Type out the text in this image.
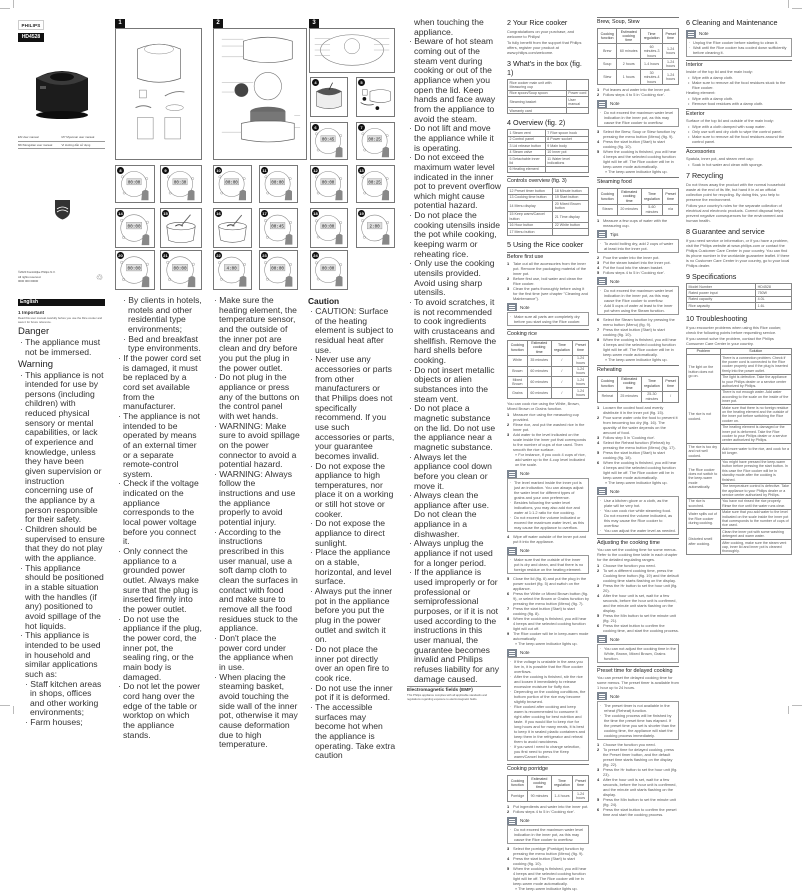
PHILIPS
HD4528
EN User manual	MY Myanmar user manual
MN Mongolian user manual	VI Hướng dẫn sử dụng
©2020 Koninklijke Philips N.V.
All rights reserved.
0000 000 00000	♲
1	2	3
4	5
00:45
6
00:25
7
00:00
8
00:30
9
00:00
10
00:00
11
00:00
12
00:25
13
00:00
14	15	16
00:45
17
00:00
18
2:00
19
00:00
20
00:00
21
4:00
22
00:00
23
00:00
24
English
1 Important
Read this user manual carefully before you use the Rice cooker and save it for future reference.
Danger
· The appliance must not be immersed.
Warning
· This appliance is not intended for use by persons (including children) with reduced physical sensory or mental capabilities, or lack of experience and knowledge, unless they have been given supervision or instruction concerning use of the appliance by a person responsible for their safety.
· Children should be supervised to ensure that they do not play with the appliance.
· This appliance should be positioned in a stable situation with the handles (if any) positioned to avoid spillage of the hot liquids.
· This appliance is intended to be used in household and similar applications such as:
· Staff kitchen areas in shops, offices and other working environments;
· Farm houses;
· By clients in hotels, motels and other residential type environments;
· Bed and breakfast type environments.
· If the power cord set is damaged, it must be replaced by a cord set available from the manufacturer.
· The appliance is not intended to be operated by means of an external timer or a separate remote-control system.
· Check if the voltage indicated on the appliance corresponds to the local power voltage before you connect it.
· Only connect the appliance to a grounded power outlet. Always make sure that the plug is inserted firmly into the power outlet.
· Do not use the appliance if the plug, the power cord, the inner pot, the sealing ring, or the main body is damaged.
· Do not let the power cord hang over the edge of the table or worktop on which the appliance stands.
· Make sure the heating element, the temperature sensor, and the outside of the inner pot are clean and dry before you put the plug in the power outlet.
· Do not plug in the appliance or press any of the buttons on the control panel with wet hands.
· WARNING: Make sure to avoid spillage on the power connector to avoid a potential hazard.
· WARNING: Always follow the instructions and use the appliance properly to avoid potential injury.
· According to the instructions prescribed in this user manual, use a soft damp cloth to clean the surfaces in contact with food and make sure to remove all the food residues stuck to the appliance.
· Don't place the power cord under the appliance when in use.
· When placing the steaming basket, avoid touching the side wall of the inner pot, otherwise it may cause deformation due to high temperature.
Caution
· CAUTION: Surface of the heating element is subject to residual heat after use.
· Never use any accessories or parts from other manufacturers or that Philips does not specifically recommend. If you use such accessories or parts, your guarantee becomes invalid.
· Do not expose the appliance to high temperatures, nor place it on a working or still hot stove or cooker.
· Do not expose the appliance to direct sunlight.
· Place the appliance on a stable, horizontal, and level surface.
· Always put the inner pot in the appliance before you put the plug in the power outlet and switch it on.
· Do not place the inner pot directly over an open fire to cook rice.
· Do not use the inner pot if it is deformed.
· The accessible surfaces may become hot when the appliance is operating. Take extra caution
when touching the appliance.
· Beware of hot steam coming out of the steam vent during cooking or out of the appliance when you open the lid. Keep hands and face away from the appliance to avoid the steam.
· Do not lift and move the appliance while it is operating.
· Do not exceed the maximum water level indicated in the inner pot to prevent overflow which might cause potential hazard.
· Do not place the cooking utensils inside the pot while cooking, keeping warm or reheating rice.
· Only use the cooking utensils provided. Avoid using sharp utensils.
· To avoid scratches, it is not recommended to cook ingredients with crustaceans and shellfish. Remove the hard shells before cooking.
· Do not insert metallic objects or alien substances into the steam vent.
· Do not place a magnetic substance on the lid. Do not use the appliance near a magnetic substance.
· Always let the appliance cool down before you clean or move it.
· Always clean the appliance after use. Do not clean the appliance in a dishwasher.
· Always unplug the appliance if not used for a longer period.
· If the appliance is used improperly or for professional or semiprofessional purposes, or if it is not used according to the instructions in this user manual, the guarantee becomes invalid and Philips refuses liability for any damage caused.
Electromagnetic fields (EMF)
This Philips appliance complies with all applicable standards and regulations regarding exposure to electromagnetic fields.
2 Your Rice cooker
Congratulations on your purchase, and welcome to Philips!
To fully benefit from the support that Philips offers, register your product at www.philips.com/welcome.
3 What's in the box (fig. 1)
Rice cooker main unit with Measuring cup	
Rice spoon/Soup spoon	Power cord
Steaming basket	User manual
Warranty card	
4 Overview (fig. 2)
1 Steam vent	7 Rice spoon hook
2 Control panel	8 Power socket
3 Lid release button	9 Main body
4 Steam valve	10 Inner pot
5 Detachable inner lid	11 Water level indications
6 Heating element	
Controls overview (fig. 3)
12 Preset timer button	18 Minute button
13 Cooking time button	19 Start button
14 Menu display	20 Mixed Brown button
15 Keep warm/Cancel button	21 Time display
16 Hour button	22 White button
17 Menu button	
5 Using the Rice cooker
Before first use
1 Take out all the accessories from the inner pot. Remove the packaging material of the inner pot.
2 Before first use, boil water and clean the Rice cooker.
3 Clean the parts thoroughly before using it for the first time (see chapter "Cleaning and Maintenance").
Note
· Make sure all parts are completely dry before you start using the Rice cooker.
Cooking rice
Cooking function	Estimated cooking time	Time regulation	Preset time
White	35 minutes	/	1-24 hours
Brown	60 minutes	/	1-24 hours
Mixed Brown	60 minutes	/	1-24 hours
Grains	60 minutes	/	1-24 hours
You can cook rice using the White, Brown, Mixed Brown or Grains function.
1 Measure rice using the measuring cup provided.
2 Rinse rice, and put the washed rice in the inner pot.
3 Add water to the level indicated on the scale inside the inner pot that corresponds to the number of cups of rice used. Then smooth the rice surface.
» For instance, if you cook 4 cups of rice, add water up to the 4-cup level indicated on the scale.
Note
· The level marked inside the inner pot is just an indication. You can always adjust the water level for different types of grains and your own preference.
· Besides following the water level indications, you may also add rice and water at 1:1.2 ratio for rice cooking.
· Do not exceed the volume indicated or exceed the maximum water level, as this may cause the appliance to overflow.
4 Wipe off water outside of the inner pot and put it into the appliance.
Note
· Make sure that the outside of the inner pot is dry and clean, and that there is no foreign residue on the heating element.
5 Close the lid (fig. 6) and put the plug in the power socket (fig. 5) and switch on the appliance.
6 Press the White or Mixed Brown button (fig. 9), or select the Brown or Grains function by pressing the menu button (Menu) (fig. 7).
7 Press the start button (Start) to start cooking (fig. 8).
8 When the cooking is finished, you will hear 4 beeps and the selected cooking function light will cut off.
9 The Rice cooker will be in keep-warm mode automatically.
» The keep-warm indicator lights up.
Note
· If the voltage is unstable in the area you live in, it is possible that the Rice cooker overflows.
· After the cooking is finished, stir the rice and loosen it immediately to release excessive moisture for fluffy rice.
· Depending on the cooking conditions, the bottom portion of the rice may become slightly browned.
· Rice cooked after cooking and keep warm is recommended to consume it right after cooking for best nutrition and taste. If you would like to keep rice for long hours and for many meals, it is best to keep it in sealed plastic containers and keep them in the refrigerator and reheat them to avoid rancidness.
· If you want / need to change selection, you first need to press the Keep warm/Cancel button.
Cooking porridge
Cooking function	Estimated cooking time	Time regulation	Preset time
Porridge	90 minutes	1-4 hours	1-24 hours
1 Put ingredients and water into the inner pot.
2 Follow steps 4 to 5 in 'Cooking rice'.
Note
· Do not exceed the maximum water level indication in the inner pot, as this may cause the Rice cooker to overflow.
3 Select the porridge (Porridge) function by pressing the menu button (Menu) (fig. 9).
4 Press the start button (Start) to start cooking (fig. 10).
5 When the cooking is finished, you will hear 4 beeps and the selected cooking function light will be off. The Rice cooker will be in keep-warm mode automatically.
» The keep-warm indicator lights up.
Brew, Soup, Stew
Cooking function	Estimated cooking time	Time regulation	Preset time
Brew	60 minutes	60 minutes-3 hours	1-24 hours
Soup	2 hours	1-4 hours	1-24 hours
Stew	1 hours	30 minutes-4 hours	1-24 hours
1 Put leaves and water into the inner pot.
2 Follow steps 4 to 5 in 'Cooking rice'.
Note
· Do not exceed the maximum water level indication in the inner pot, as this may cause the Rice cooker to overflow.
3 Select the Brew, Soup or Stew function by pressing the menu button (Menu) (fig. 9).
4 Press the start button (Start) to start cooking (fig. 10).
5 When the cooking is finished, you will hear 4 beeps and the selected cooking function light will be off. The Rice cooker will be in keep-warm mode automatically.
» The keep-warm indicator lights up.
Steaming food
Cooking function	Estimated cooking time	Time regulation	Preset time
Steam	20 minutes	5-60 minutes	n/a
1 Measure a few cups of water with the measuring cup.
Tips
· To avoid boiling dry, add 2 cups of water at least into the inner pot.
2 Pour the water into the inner pot.
3 Put the steam basket into the inner pot.
4 Put the food into the steam basket.
5 Follow steps 4 to 5 in 'Cooking rice'.
Note
· Do not exceed the maximum water level indication in the inner pot, as this may cause the Rice cooker to overflow.
· Add 5 cups of water at least to the inner pot when using the Steam function.
6 Select the Steam function by pressing the menu button (Menu) (fig. 9).
7 Press the start button (Start) to start cooking (fig. 10).
8 When the cooking is finished, you will hear 4 beeps and the selected cooking function light will be off. The Rice cooker will be in keep-warm mode automatically.
» The keep-warm indicator lights up.
Reheating
Cooking function	Estimated cooking time	Time regulation	Preset time
Reheat	25 minutes	25-30 minutes	/
1 Loosen the cooled food and evenly distribute it in the inner pot (fig. 15).
2 Pour some water onto the food to prevent it from becoming too dry (fig. 16). The quantity of the water depends on the amount of food.
3 Follow step 5 in 'Cooking rice'.
4 Select the Reheat function (Reheat) by pressing the menu button (Menu) (fig. 17).
5 Press the start button (Start) to start cooking (fig. 18).
6 When the cooking is finished, you will hear 4 beeps and the selected cooking function light will be off. The Rice cooker will be in keep-warm mode automatically.
» The keep-warm indicator lights up.
Note
· Use a kitchen glove or a cloth, as the plate will be very hot.
· You can cook rice while steaming food. Do not exceed the volume indicated, as this may cause the Rice cooker to overflow.
· You can adjust the water level as needed.
Adjusting the cooking time
You can set the cooking time for some menus. Refer to the cooking time table in each chapter for the detailed regulating ranges.
1 Choose the function you need.
2 To set a different cooking time, press the Cooking time button (fig. 19) and the default cooking time starts flashing on the display.
3 Press the Hr button to set the hour unit (fig. 20).
4 After the hour unit is set, wait for a few seconds, before the hour unit is confirmed, and the minute unit starts flashing on the display.
5 Press the Min button to set the minute unit (fig. 21).
6 Press the start button to confirm the cooking time, and start the cooking process.
Note
· You can not adjust the cooking time in the White, Brown, Mixed Brown, Grains function.
Preset time for delayed cooking
You can preset the delayed cooking time for some menus. The preset timer is available from 1 hour up to 24 hours.
Note
· The preset timer is not available in the reheat (Reheat) function.
· The cooking process will be finished by the time the preset time has elapsed. If the preset time you set is shorter than the cooking time, the appliance will start the cooking process immediately.
1 Choose the function you need.
2 To preset time for delayed cooking, press the Preset timer button, and the default preset time starts flashing on the display (fig. 22).
3 Press the Hr button to set the hour unit (fig. 23).
4 After the hour unit is set, wait for a few seconds, before the hour unit is confirmed, and the minute unit starts flashing on the display.
5 Press the Min button to set the minute unit (fig. 24).
6 Press the start button to confirm the preset time and start the cooking process.
6 Cleaning and Maintenance
Note
· Unplug the Rice cooker before starting to clean it.
· Wait until the Rice cooker has cooled down sufficiently before cleaning it.
Interior
Inside of the top lid and the main body:
• Wipe with a damp cloth.
• Make sure to remove all the food residues stuck to the Rice cooker.
Heating element:
• Wipe with a damp cloth.
• Remove food residues with a damp cloth.
Exterior
Surface of the top lid and outside of the main body:
• Wipe with a cloth damped with soap water.
• Only use soft and dry cloth to wipe the control panel.
• Make sure to remove all the food residues around the control panel.
Accessories
Spatula, inner pot, and steam vent cap:
• Soak in hot water and clean with sponge.
7 Recycling
Do not throw away the product with the normal household waste at the end of its life, but hand it in at an official collection point for recycling. By doing this, you help to preserve the environment.
Follow your country's rules for the separate collection of electrical and electronic products. Correct disposal helps prevent negative consequences for the environment and human health.
8 Guarantee and service
If you need service or information, or if you have a problem, visit the Philips website at www.philips.com or contact the Philips Customer Care Center in your country. You can find its phone number in the worldwide guarantee leaflet. If there is no Customer Care Center in your country, go to your local Philips dealer.
9 Specifications
Model Number	HD4528
Rated power input	750W
Rated capacity	4.0L
Rice capacity	1.6L
10 Troubleshooting
If you encounter problems when using this Rice cooker, check the following points before requesting service.
If you cannot solve the problem, contact the Philips Consumer Care Center in your country.
Problem	Solution
The light on the button does not go on.	There is a connection problem. Check if the power cord is connected to the Rice cooker properly and if the plug is inserted firmly into the power outlet.
	The light is defective. Take the appliance to your Philips dealer or a service center authorized by Philips.
The rice is not cooked.	There is not enough water. Add water according to the scale on the inside of the inner pot.
	Make sure that there is no foreign residue on the heating element and the outside of the inner pot before switching the Rice cooker on.
	The heating element is damaged or the inner pot is deformed. Take the Rice cooker to your Philips dealer or a service center authorized by Philips.
The rice is too dry and not well cooked.	Add more water to the rice, and cook for a bit longer.
The Rice cooker does not switch to the keep-warm mode automatically.	You might have pressed the keep-warm button before pressing the start button. In this case the Rice cooker will be in standby mode after the cooking is finished.
	The temperature control is defective. Take the appliance to your Philips dealer or a service center authorized by Philips.
The rice is scorched.	You have not rinsed the rice properly. Rinse the rice until the water runs clear.
Water spills out of the Rice cooker during cooking.	Make sure that you add water to the level indicated on the scale inside the inner pot that corresponds to the number of cups of rice used.
Distorted smell after cooking.	Clean the inner pot with some washing detergent and warm water.
	After cooking, make sure the steam vent cap, inner lid and inner pot is cleaned thoroughly.
